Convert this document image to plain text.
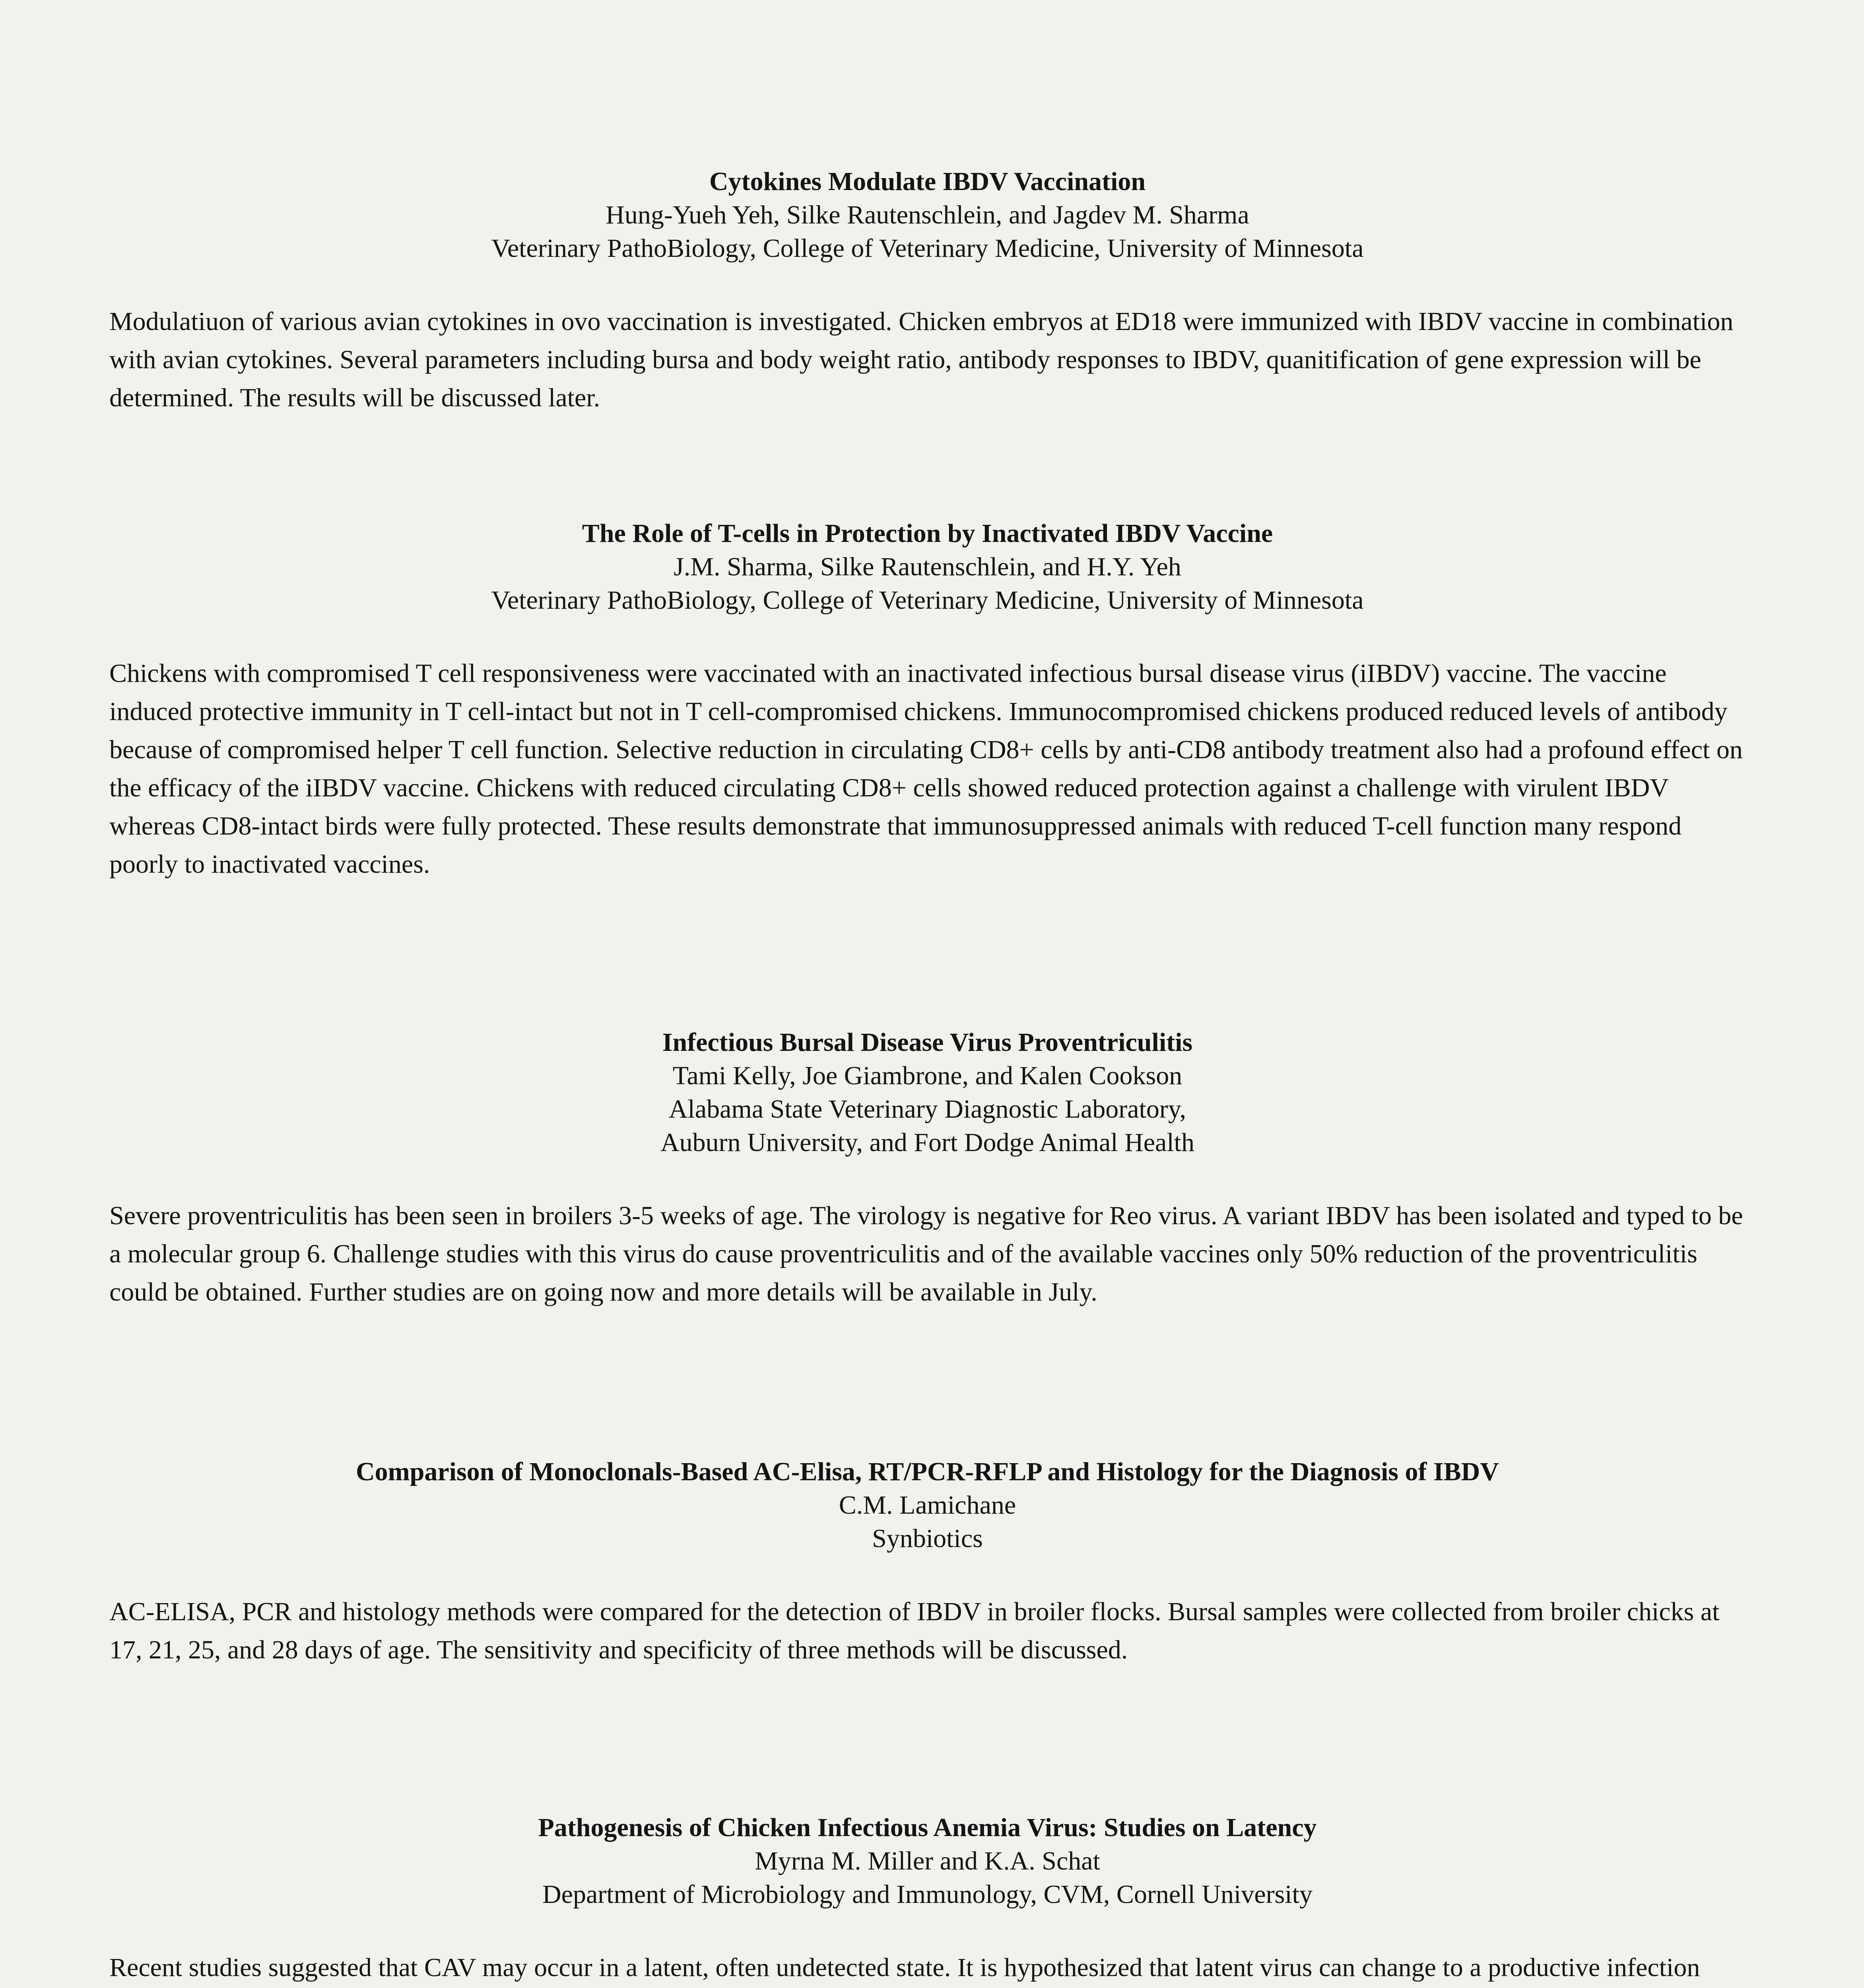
Cytokines Modulate IBDV Vaccination

Hung-Yueh Yeh, Silke Rautenschlein, and Jagdev M. Sharma

Veterinary PathoBiology, College of Veterinary Medicine, University of Minnesota

Modulatiuon of various avian cytokines in ovo vaccination is investigated. Chicken embryos at ED18 were immunized with IBDV vaccine in combination with avian cytokines. Several parameters including bursa and body weight ratio, antibody responses to IBDV, quanitification of gene expression will be determined. The results will be discussed later.

The Role of T-cells in Protection by Inactivated IBDV Vaccine

J.M. Sharma, Silke Rautenschlein, and H.Y. Yeh

Veterinary PathoBiology, College of Veterinary Medicine, University of Minnesota

Chickens with compromised T cell responsiveness were vaccinated with an inactivated infectious bursal disease virus (iIBDV) vaccine. The vaccine induced protective immunity in T cell-intact but not in T cell-compromised chickens. Immunocompromised chickens produced reduced levels of antibody because of compromised helper T cell function. Selective reduction in circulating CD8+ cells by anti-CD8 antibody treatment also had a profound effect on the efficacy of the iIBDV vaccine. Chickens with reduced circulating CD8+ cells showed reduced protection against a challenge with virulent IBDV whereas CD8-intact birds were fully protected. These results demonstrate that immunosuppressed animals with reduced T-cell function many respond poorly to inactivated vaccines.

Infectious Bursal Disease Virus Proventriculitis

Tami Kelly, Joe Giambrone, and Kalen Cookson

Alabama State Veterinary Diagnostic Laboratory,

Auburn University, and Fort Dodge Animal Health

Severe proventriculitis has been seen in broilers 3-5 weeks of age. The virology is negative for Reo virus. A variant IBDV has been isolated and typed to be a molecular group 6. Challenge studies with this virus do cause proventriculitis and of the available vaccines only 50% reduction of the proventriculitis could be obtained. Further studies are on going now and more details will be available in July.

Comparison of Monoclonals-Based AC-Elisa, RT/PCR-RFLP and Histology for the Diagnosis of IBDV

C.M. Lamichane

Synbiotics

AC-ELISA, PCR and histology methods were compared for the detection of IBDV in broiler flocks. Bursal samples were collected from broiler chicks at 17, 21, 25, and 28 days of age. The sensitivity and specificity of three methods will be discussed.

Pathogenesis of Chicken Infectious Anemia Virus: Studies on Latency

Myrna M. Miller and K.A. Schat

Department of Microbiology and Immunology, CVM, Cornell University

Recent studies suggested that CAV may occur in a latent, often undetected state. It is hypothesized that latent virus can change to a productive infection
